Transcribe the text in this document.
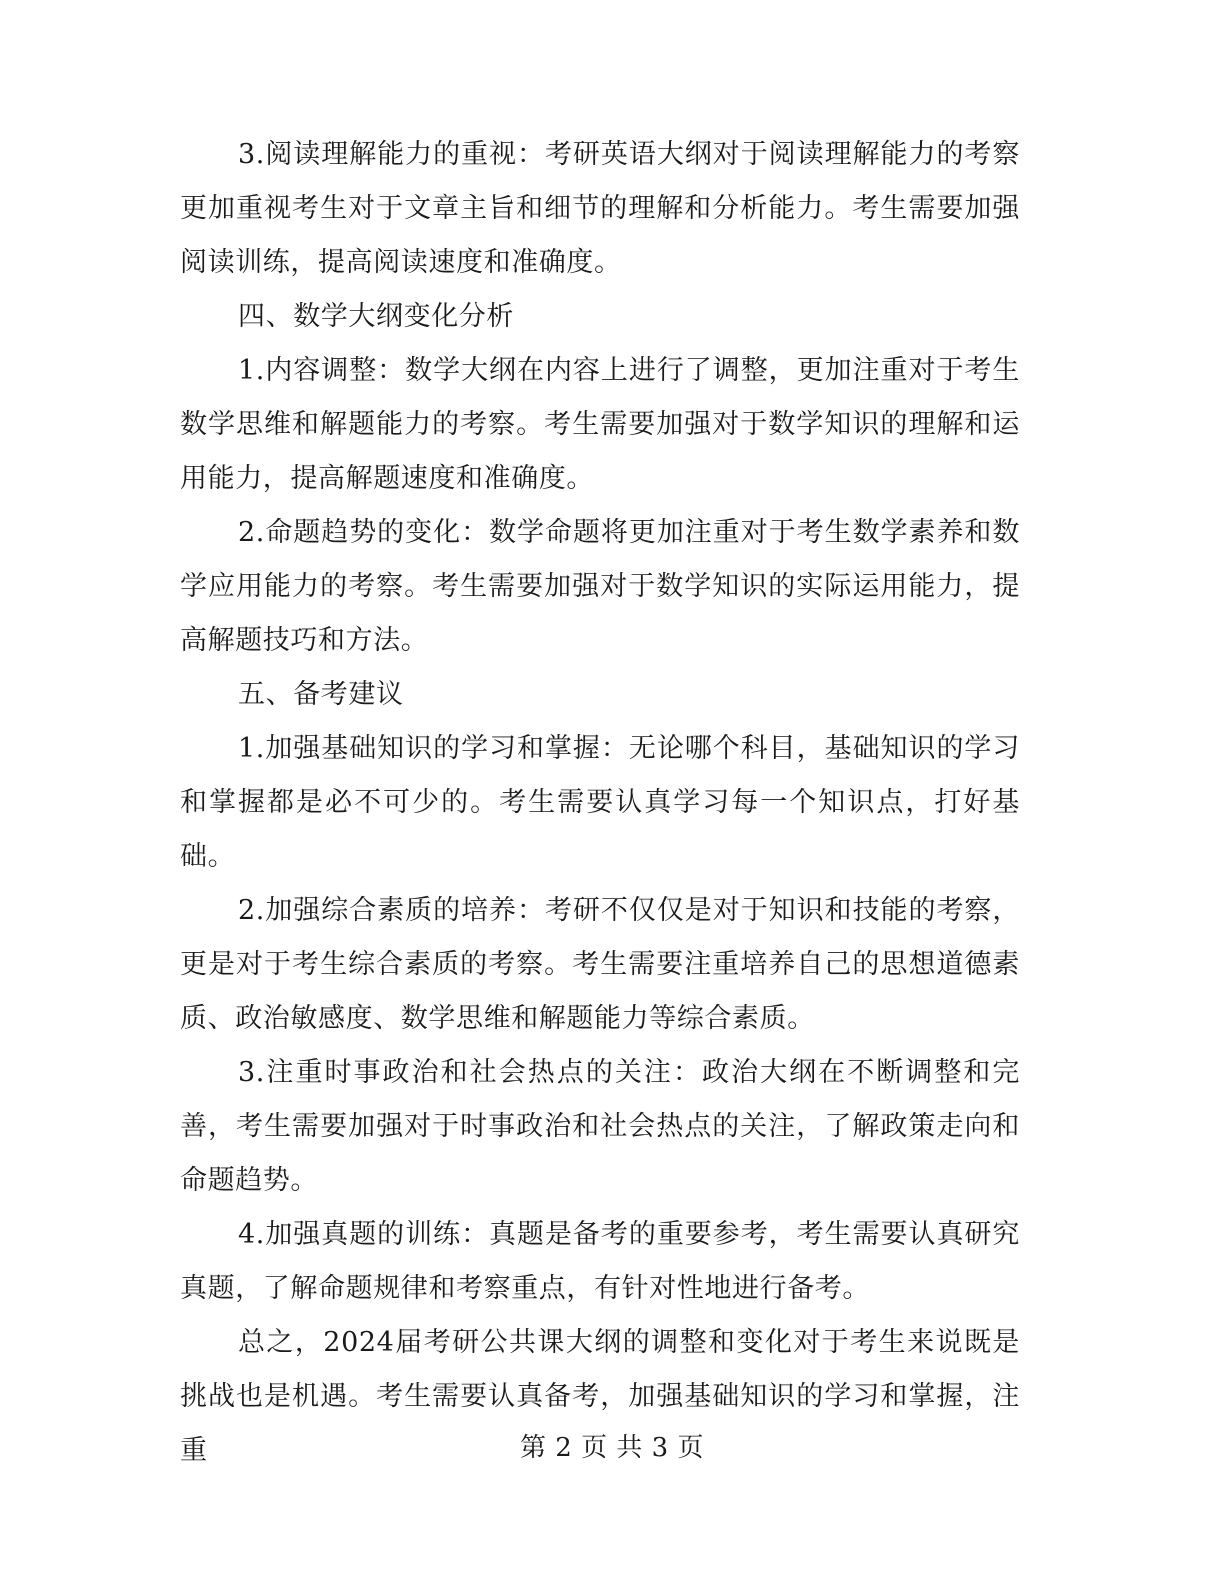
3.阅读理解能力的重视：考研英语大纲对于阅读理解能力的考察更加重视考生对于文章主旨和细节的理解和分析能力。考生需要加强阅读训练，提高阅读速度和准确度。

四、数学大纲变化分析

1.内容调整：数学大纲在内容上进行了调整，更加注重对于考生数学思维和解题能力的考察。考生需要加强对于数学知识的理解和运用能力，提高解题速度和准确度。

2.命题趋势的变化：数学命题将更加注重对于考生数学素养和数学应用能力的考察。考生需要加强对于数学知识的实际运用能力，提高解题技巧和方法。

五、备考建议

1.加强基础知识的学习和掌握：无论哪个科目，基础知识的学习和掌握都是必不可少的。考生需要认真学习每一个知识点，打好基础。

2.加强综合素质的培养：考研不仅仅是对于知识和技能的考察，更是对于考生综合素质的考察。考生需要注重培养自己的思想道德素质、政治敏感度、数学思维和解题能力等综合素质。

3.注重时事政治和社会热点的关注：政治大纲在不断调整和完善，考生需要加强对于时事政治和社会热点的关注，了解政策走向和命题趋势。

4.加强真题的训练：真题是备考的重要参考，考生需要认真研究真题，了解命题规律和考察重点，有针对性地进行备考。

总之，2024届考研公共课大纲的调整和变化对于考生来说既是挑战也是机遇。考生需要认真备考，加强基础知识的学习和掌握，注重	第 2 页 共 3 页
